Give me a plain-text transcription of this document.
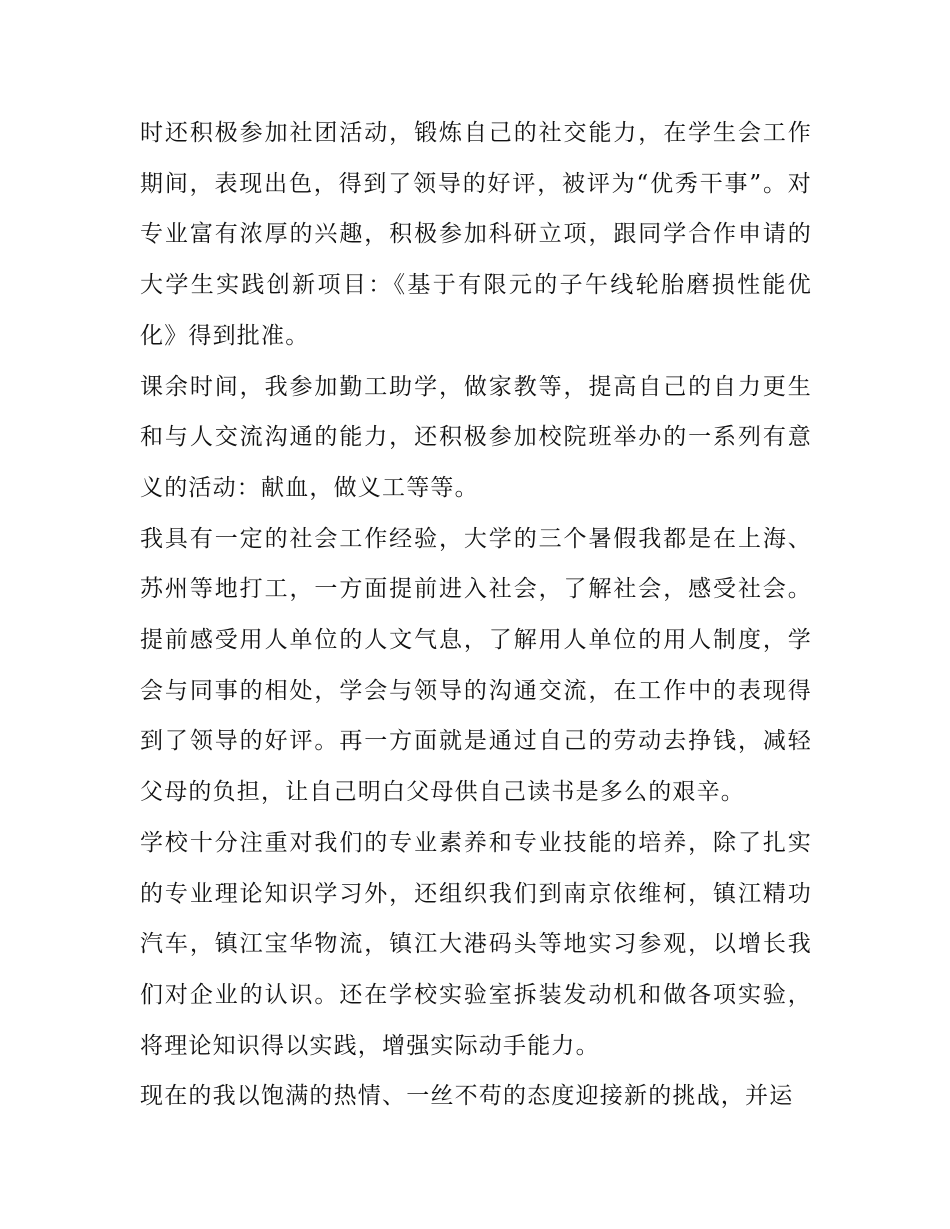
时还积极参加社团活动，锻炼自己的社交能力，在学生会工作期间，表现出色，得到了领导的好评，被评为“优秀干事”。对专业富有浓厚的兴趣，积极参加科研立项，跟同学合作申请的大学生实践创新项目：《基于有限元的子午线轮胎磨损性能优化》得到批准。

课余时间，我参加勤工助学，做家教等，提高自己的自力更生和与人交流沟通的能力，还积极参加校院班举办的一系列有意义的活动：献血，做义工等等。

我具有一定的社会工作经验，大学的三个暑假我都是在上海、苏州等地打工，一方面提前进入社会，了解社会，感受社会。提前感受用人单位的人文气息，了解用人单位的用人制度，学会与同事的相处，学会与领导的沟通交流，在工作中的表现得到了领导的好评。再一方面就是通过自己的劳动去挣钱，减轻父母的负担，让自己明白父母供自己读书是多么的艰辛。

学校十分注重对我们的专业素养和专业技能的培养，除了扎实的专业理论知识学习外，还组织我们到南京依维柯，镇江精功汽车，镇江宝华物流，镇江大港码头等地实习参观，以增长我们对企业的认识。还在学校实验室拆装发动机和做各项实验，将理论知识得以实践，增强实际动手能力。

现在的我以饱满的热情、一丝不苟的态度迎接新的挑战，并运
